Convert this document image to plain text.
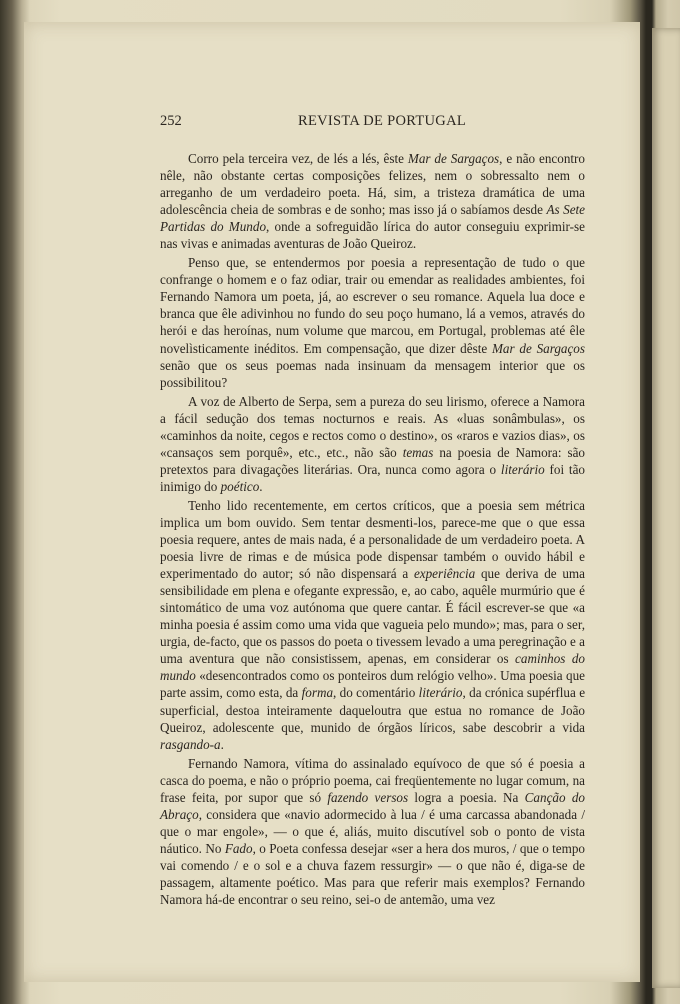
252	REVISTA DE PORTUGAL

Corro pela terceira vez, de lés a lés, êste Mar de Sargaços, e não encontro nêle, não obstante certas composições felizes, nem o sobressalto nem o arreganho de um verdadeiro poeta. Há, sim, a tristeza dramática de uma adolescência cheia de sombras e de sonho; mas isso já o sabíamos desde As Sete Partidas do Mundo, onde a sofreguidão lírica do autor conseguiu exprimir-se nas vivas e animadas aventuras de João Queiroz.

Penso que, se entendermos por poesia a representação de tudo o que confrange o homem e o faz odiar, trair ou emendar as realidades ambientes, foi Fernando Namora um poeta, já, ao escrever o seu romance. Aquela lua doce e branca que êle adivinhou no fundo do seu poço humano, lá a vemos, através do herói e das heroínas, num volume que marcou, em Portugal, problemas até êle novelìsticamente inéditos. Em compensação, que dizer dêste Mar de Sargaços senão que os seus poemas nada insinuam da mensagem interior que os possibilitou?

A voz de Alberto de Serpa, sem a pureza do seu lirismo, oferece a Namora a fácil sedução dos temas nocturnos e reais. As «luas sonâmbulas», os «caminhos da noite, cegos e rectos como o destino», os «raros e vazios dias», os «cansaços sem porquê», etc., etc., não são temas na poesia de Namora: são pretextos para divagações literárias. Ora, nunca como agora o literário foi tão inimigo do poético.

Tenho lido recentemente, em certos críticos, que a poesia sem métrica implica um bom ouvido. Sem tentar desmenti-los, parece-me que o que essa poesia requere, antes de mais nada, é a personalidade de um verdadeiro poeta. A poesia livre de rimas e de música pode dispensar também o ouvido hábil e experimentado do autor; só não dispensará a experiência que deriva de uma sensibilidade em plena e ofegante expressão, e, ao cabo, aquêle murmúrio que é sintomático de uma voz autónoma que quere cantar. É fácil escrever-se que «a minha poesia é assim como uma vida que vagueia pelo mundo»; mas, para o ser, urgia, de-facto, que os passos do poeta o tivessem levado a uma peregrinação e a uma aventura que não consistissem, apenas, em considerar os caminhos do mundo «desencontrados como os ponteiros dum relógio velho». Uma poesia que parte assim, como esta, da forma, do comentário literário, da crónica supérflua e superficial, destoa inteiramente daqueloutra que estua no romance de João Queiroz, adolescente que, munido de órgãos líricos, sabe descobrir a vida rasgando-a.

Fernando Namora, vítima do assinalado equívoco de que só é poesia a casca do poema, e não o próprio poema, cai freqüentemente no lugar comum, na frase feita, por supor que só fazendo versos logra a poesia. Na Canção do Abraço, considera que «navio adormecido à lua / é uma carcassa abandonada / que o mar engole», — o que é, aliás, muito discutível sob o ponto de vista náutico. No Fado, o Poeta confessa desejar «ser a hera dos muros, / que o tempo vai comendo / e o sol e a chuva fazem ressurgir» — o que não é, diga-se de passagem, altamente poético. Mas para que referir mais exemplos? Fernando Namora há-de encontrar o seu reino, sei-o de antemão, uma vez
